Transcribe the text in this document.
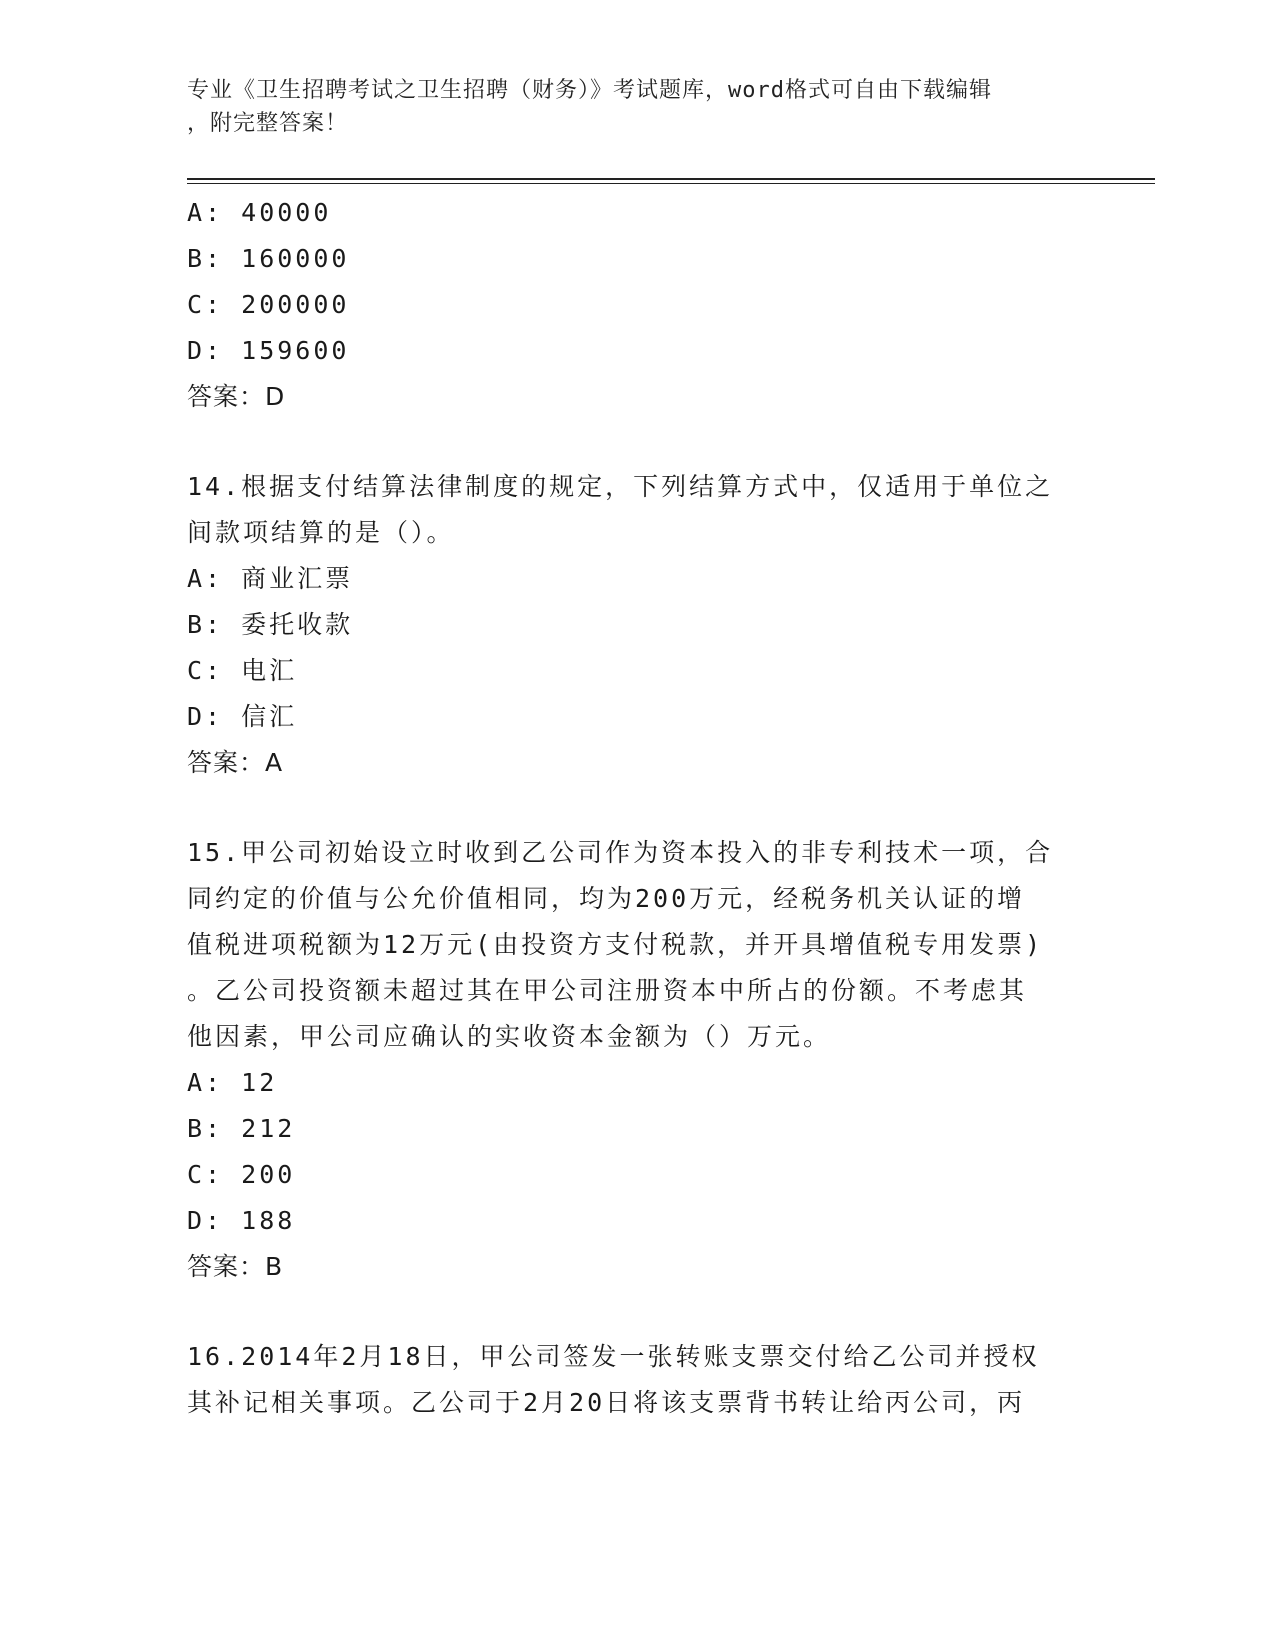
专业《卫生招聘考试之卫生招聘（财务）》考试题库，word格式可自由下载编辑
，附完整答案！
A: 40000
B: 160000
C: 200000
D: 159600
答案：D
14.根据支付结算法律制度的规定，下列结算方式中，仅适用于单位之
间款项结算的是（）。
A: 商业汇票
B: 委托收款
C: 电汇
D: 信汇
答案：A
15.甲公司初始设立时收到乙公司作为资本投入的非专利技术一项，合
同约定的价值与公允价值相同，均为200万元，经税务机关认证的增
值税进项税额为12万元(由投资方支付税款，并开具增值税专用发票)
。乙公司投资额未超过其在甲公司注册资本中所占的份额。不考虑其
他因素，甲公司应确认的实收资本金额为（）万元。
A: 12
B: 212
C: 200
D: 188
答案：B
16.2014年2月18日，甲公司签发一张转账支票交付给乙公司并授权
其补记相关事项。乙公司于2月20日将该支票背书转让给丙公司，丙
